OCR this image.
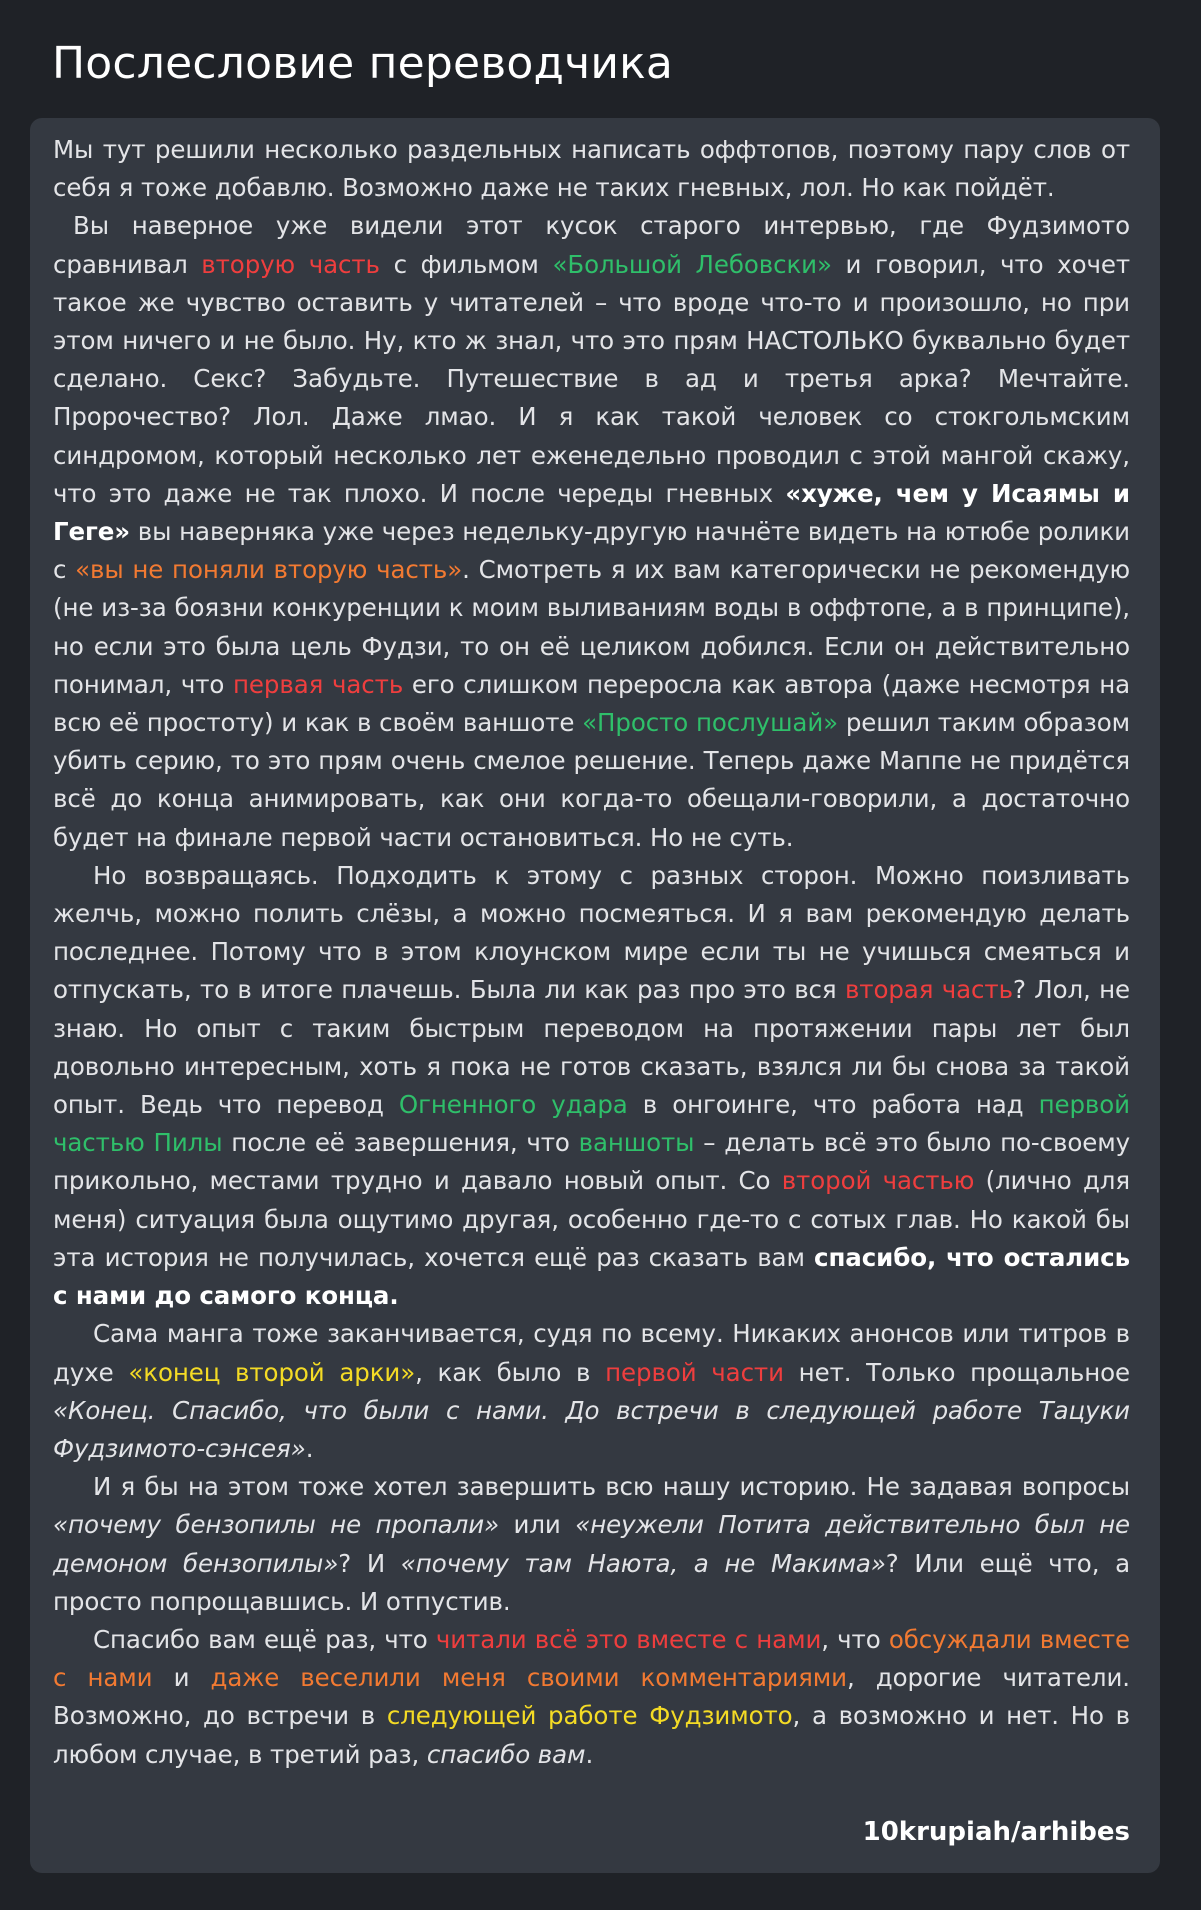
Послесловие переводчика

Мы тут решили несколько раздельных написать оффтопов, поэтому пару слов от себя я тоже добавлю. Возможно даже не таких гневных, лол. Но как пойдёт.

Вы наверное уже видели этот кусок старого интервью, где Фудзимото сравнивал вторую часть с фильмом «Большой Лебовски» и говорил, что хочет такое же чувство оставить у читателей – что вроде что-то и произошло, но при этом ничего и не было. Ну, кто ж знал, что это прям НАСТОЛЬКО буквально будет сделано. Секс? Забудьте. Путешествие в ад и третья арка? Мечтайте. Пророчество? Лол. Даже лмао. И я как такой человек со стокгольмским синдромом, который несколько лет еженедельно проводил с этой мангой скажу, что это даже не так плохо. И после череды гневных «хуже, чем у Исаямы и Геге» вы наверняка уже через недельку-другую начнёте видеть на ютюбе ролики с «вы не поняли вторую часть». Смотреть я их вам категорически не рекомендую (не из-за боязни конкуренции к моим выливаниям воды в оффтопе, а в принципе), но если это была цель Фудзи, то он её целиком добился. Если он действительно понимал, что первая часть его слишком переросла как автора (даже несмотря на всю её простоту) и как в своём ваншоте «Просто послушай» решил таким образом убить серию, то это прям очень смелое решение. Теперь даже Маппе не придётся всё до конца анимировать, как они когда-то обещали-говорили, а достаточно будет на финале первой части остановиться. Но не суть.

Но возвращаясь. Подходить к этому с разных сторон. Можно поизливать желчь, можно полить слёзы, а можно посмеяться. И я вам рекомендую делать последнее. Потому что в этом клоунском мире если ты не учишься смеяться и отпускать, то в итоге плачешь. Была ли как раз про это вся вторая часть? Лол, не знаю. Но опыт с таким быстрым переводом на протяжении пары лет был довольно интересным, хоть я пока не готов сказать, взялся ли бы снова за такой опыт. Ведь что перевод Огненного удара в онгоинге, что работа над первой частью Пилы после её завершения, что ваншоты – делать всё это было по-своему прикольно, местами трудно и давало новый опыт. Со второй частью (лично для меня) ситуация была ощутимо другая, особенно где-то с сотых глав. Но какой бы эта история не получилась, хочется ещё раз сказать вам спасибо, что остались с нами до самого конца.

Сама манга тоже заканчивается, судя по всему. Никаких анонсов или титров в духе «конец второй арки», как было в первой части нет. Только прощальное «Конец. Спасибо, что были с нами. До встречи в следующей работе Тацуки Фудзимото-сэнсея».

И я бы на этом тоже хотел завершить всю нашу историю. Не задавая вопросы «почему бензопилы не пропали» или «неужели Потита действительно был не демоном бензопилы»? И «почему там Наюта, а не Макима»? Или ещё что, а просто попрощавшись. И отпустив.

Спасибо вам ещё раз, что читали всё это вместе с нами, что обсуждали вместе с нами и даже веселили меня своими комментариями, дорогие читатели. Возможно, до встречи в следующей работе Фудзимото, а возможно и нет. Но в любом случае, в третий раз, спасибо вам.

10krupiah/arhibes
